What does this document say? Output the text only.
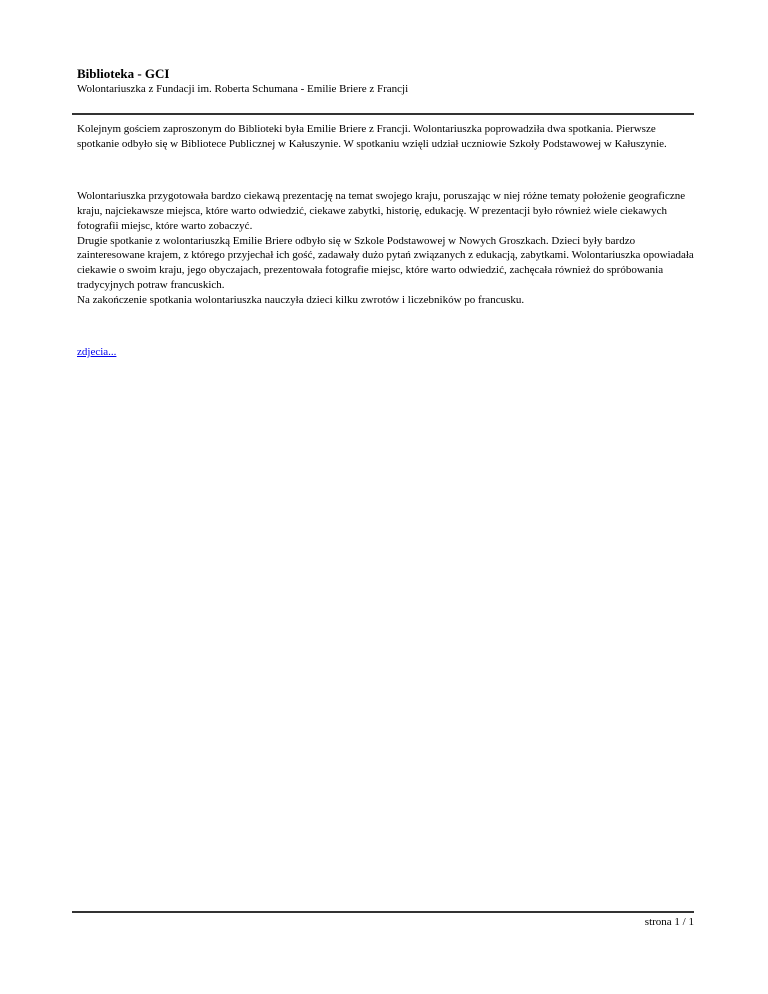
Biblioteka - GCI

Wolontariuszka z Fundacji im. Roberta Schumana - Emilie Briere z Francji

Kolejnym gościem zaproszonym do Biblioteki była Emilie Briere z Francji. Wolontariuszka poprowadziła dwa spotkania. Pierwsze spotkanie odbyło się w Bibliotece Publicznej w Kałuszynie. W spotkaniu wzięli udział uczniowie Szkoły Podstawowej w Kałuszynie.

Wolontariuszka przygotowała bardzo ciekawą prezentację na temat swojego kraju, poruszając w niej różne tematy położenie geograficzne kraju, najciekawsze miejsca, które warto odwiedzić, ciekawe zabytki, historię, edukację. W prezentacji było również wiele ciekawych fotografii miejsc, które warto zobaczyć.

Drugie spotkanie z wolontariuszką Emilie Briere odbyło się w Szkole Podstawowej w Nowych Groszkach. Dzieci były bardzo zainteresowane krajem, z którego przyjechał ich gość, zadawały dużo pytań związanych z edukacją, zabytkami. Wolontariuszka opowiadała ciekawie o swoim kraju, jego obyczajach, prezentowała fotografie miejsc, które warto odwiedzić, zachęcała również do spróbowania tradycyjnych potraw francuskich.

Na zakończenie spotkania wolontariuszka nauczyła dzieci kilku zwrotów i liczebników po francusku.

zdjecia...

strona 1 / 1
